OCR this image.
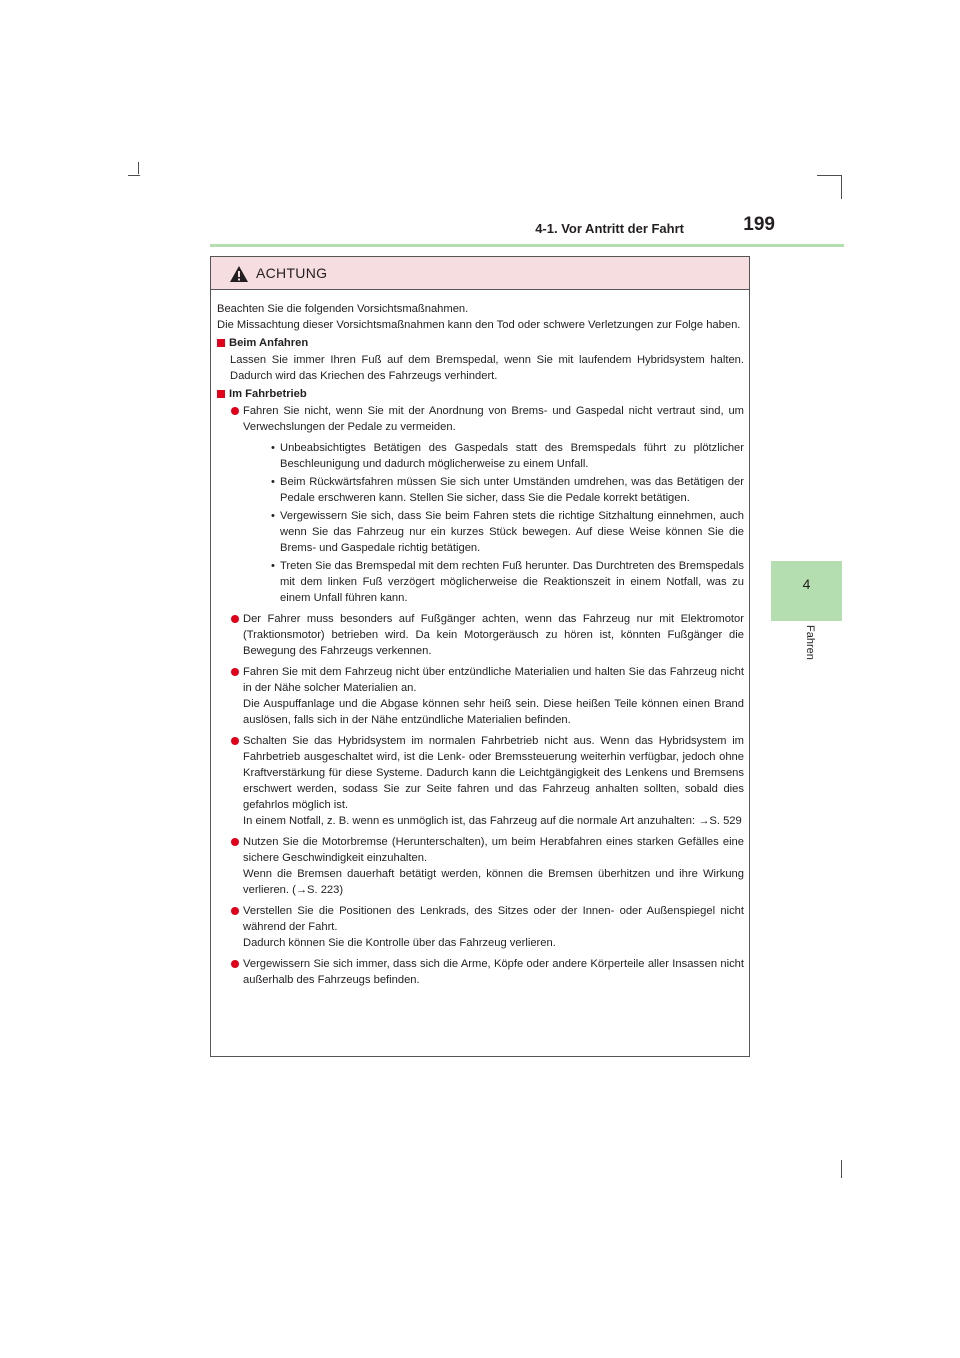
4-1. Vor Antritt der Fahrt	199
4
Fahren
ACHTUNG

Beachten Sie die folgenden Vorsichtsmaßnahmen.

Die Missachtung dieser Vorsichtsmaßnahmen kann den Tod oder schwere Verletzungen zur Folge haben.

Beim Anfahren

Lassen Sie immer Ihren Fuß auf dem Bremspedal, wenn Sie mit laufendem Hybridsystem halten. Dadurch wird das Kriechen des Fahrzeugs verhindert.

Im Fahrbetrieb

Fahren Sie nicht, wenn Sie mit der Anordnung von Brems- und Gaspedal nicht vertraut sind, um Verwechslungen der Pedale zu vermeiden.

• Unbeabsichtigtes Betätigen des Gaspedals statt des Bremspedals führt zu plötzlicher Beschleunigung und dadurch möglicherweise zu einem Unfall.
• Beim Rückwärtsfahren müssen Sie sich unter Umständen umdrehen, was das Betätigen der Pedale erschweren kann. Stellen Sie sicher, dass Sie die Pedale korrekt betätigen.
• Vergewissern Sie sich, dass Sie beim Fahren stets die richtige Sitzhaltung einnehmen, auch wenn Sie das Fahrzeug nur ein kurzes Stück bewegen. Auf diese Weise können Sie die Brems- und Gaspedale richtig betätigen.
• Treten Sie das Bremspedal mit dem rechten Fuß herunter. Das Durchtreten des Bremspedals mit dem linken Fuß verzögert möglicherweise die Reaktionszeit in einem Notfall, was zu einem Unfall führen kann.

Der Fahrer muss besonders auf Fußgänger achten, wenn das Fahrzeug nur mit Elektromotor (Traktionsmotor) betrieben wird. Da kein Motorgeräusch zu hören ist, könnten Fußgänger die Bewegung des Fahrzeugs verkennen.

Fahren Sie mit dem Fahrzeug nicht über entzündliche Materialien und halten Sie das Fahrzeug nicht in der Nähe solcher Materialien an.

Die Auspuffanlage und die Abgase können sehr heiß sein. Diese heißen Teile können einen Brand auslösen, falls sich in der Nähe entzündliche Materialien befinden.

Schalten Sie das Hybridsystem im normalen Fahrbetrieb nicht aus. Wenn das Hybridsystem im Fahrbetrieb ausgeschaltet wird, ist die Lenk- oder Bremssteuerung weiterhin verfügbar, jedoch ohne Kraftverstärkung für diese Systeme. Dadurch kann die Leichtgängigkeit des Lenkens und Bremsens erschwert werden, sodass Sie zur Seite fahren und das Fahrzeug anhalten sollten, sobald dies gefahrlos möglich ist.

In einem Notfall, z. B. wenn es unmöglich ist, das Fahrzeug auf die normale Art anzuhalten: →S. 529

Nutzen Sie die Motorbremse (Herunterschalten), um beim Herabfahren eines starken Gefälles eine sichere Geschwindigkeit einzuhalten.

Wenn die Bremsen dauerhaft betätigt werden, können die Bremsen überhitzen und ihre Wirkung verlieren. (→S. 223)

Verstellen Sie die Positionen des Lenkrads, des Sitzes oder der Innen- oder Außenspiegel nicht während der Fahrt.

Dadurch können Sie die Kontrolle über das Fahrzeug verlieren.

Vergewissern Sie sich immer, dass sich die Arme, Köpfe oder andere Körperteile aller Insassen nicht außerhalb des Fahrzeugs befinden.
